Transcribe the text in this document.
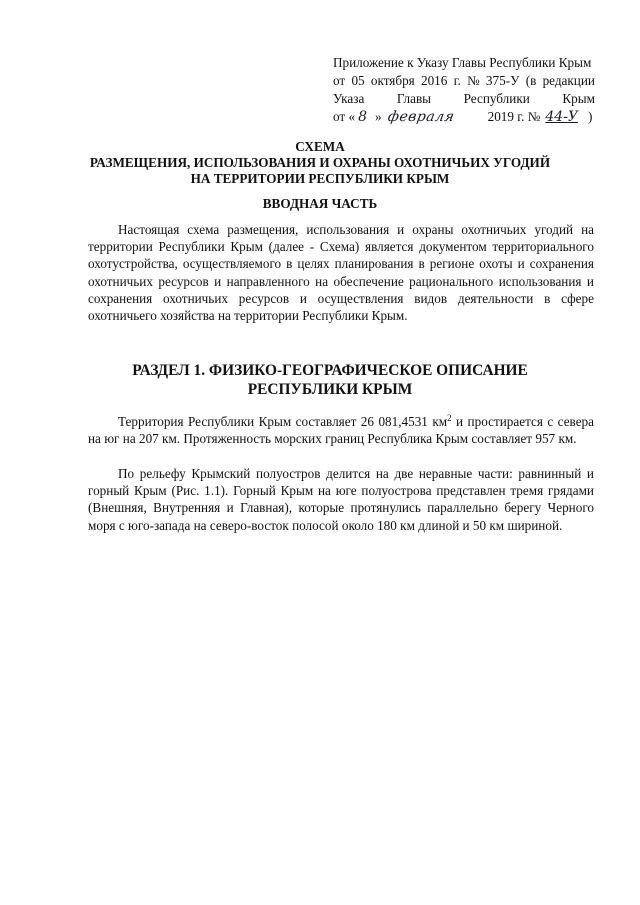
Приложение к Указу Главы Республики Крым
от 05 октября 2016 г. № 375-У (в редакции
Указа Главы Республики Крым
от « 8 » февраля	2019 г. № 44-У )
СХЕМА
РАЗМЕЩЕНИЯ, ИСПОЛЬЗОВАНИЯ И ОХРАНЫ ОХОТНИЧЬИХ УГОДИЙ
НА ТЕРРИТОРИИ РЕСПУБЛИКИ КРЫМ
ВВОДНАЯ ЧАСТЬ
Настоящая схема размещения, использования и охраны охотничьих угодий на территории Республики Крым (далее - Схема) является документом территориального охотустройства, осуществляемого в целях планирования в регионе охоты и сохранения охотничьих ресурсов и направленного на обеспечение рационального использования и сохранения охотничьих ресурсов и осуществления видов деятельности в сфере охотничьего хозяйства на территории Республики Крым.
РАЗДЕЛ 1. ФИЗИКО-ГЕОГРАФИЧЕСКОЕ ОПИСАНИЕ
РЕСПУБЛИКИ КРЫМ
Территория Республики Крым составляет 26 081,4531 $км^2$ и простирается с севера на юг на 207 км. Протяженность морских границ Республика Крым составляет 957 км.
По рельефу Крымский полуостров делится на две неравные части: равнинный и горный Крым (Рис. 1.1). Горный Крым на юге полуострова представлен тремя грядами (Внешняя, Внутренняя и Главная), которые протянулись параллельно берегу Черного моря с юго-запада на северо-восток полосой около 180 км длиной и 50 км шириной.
